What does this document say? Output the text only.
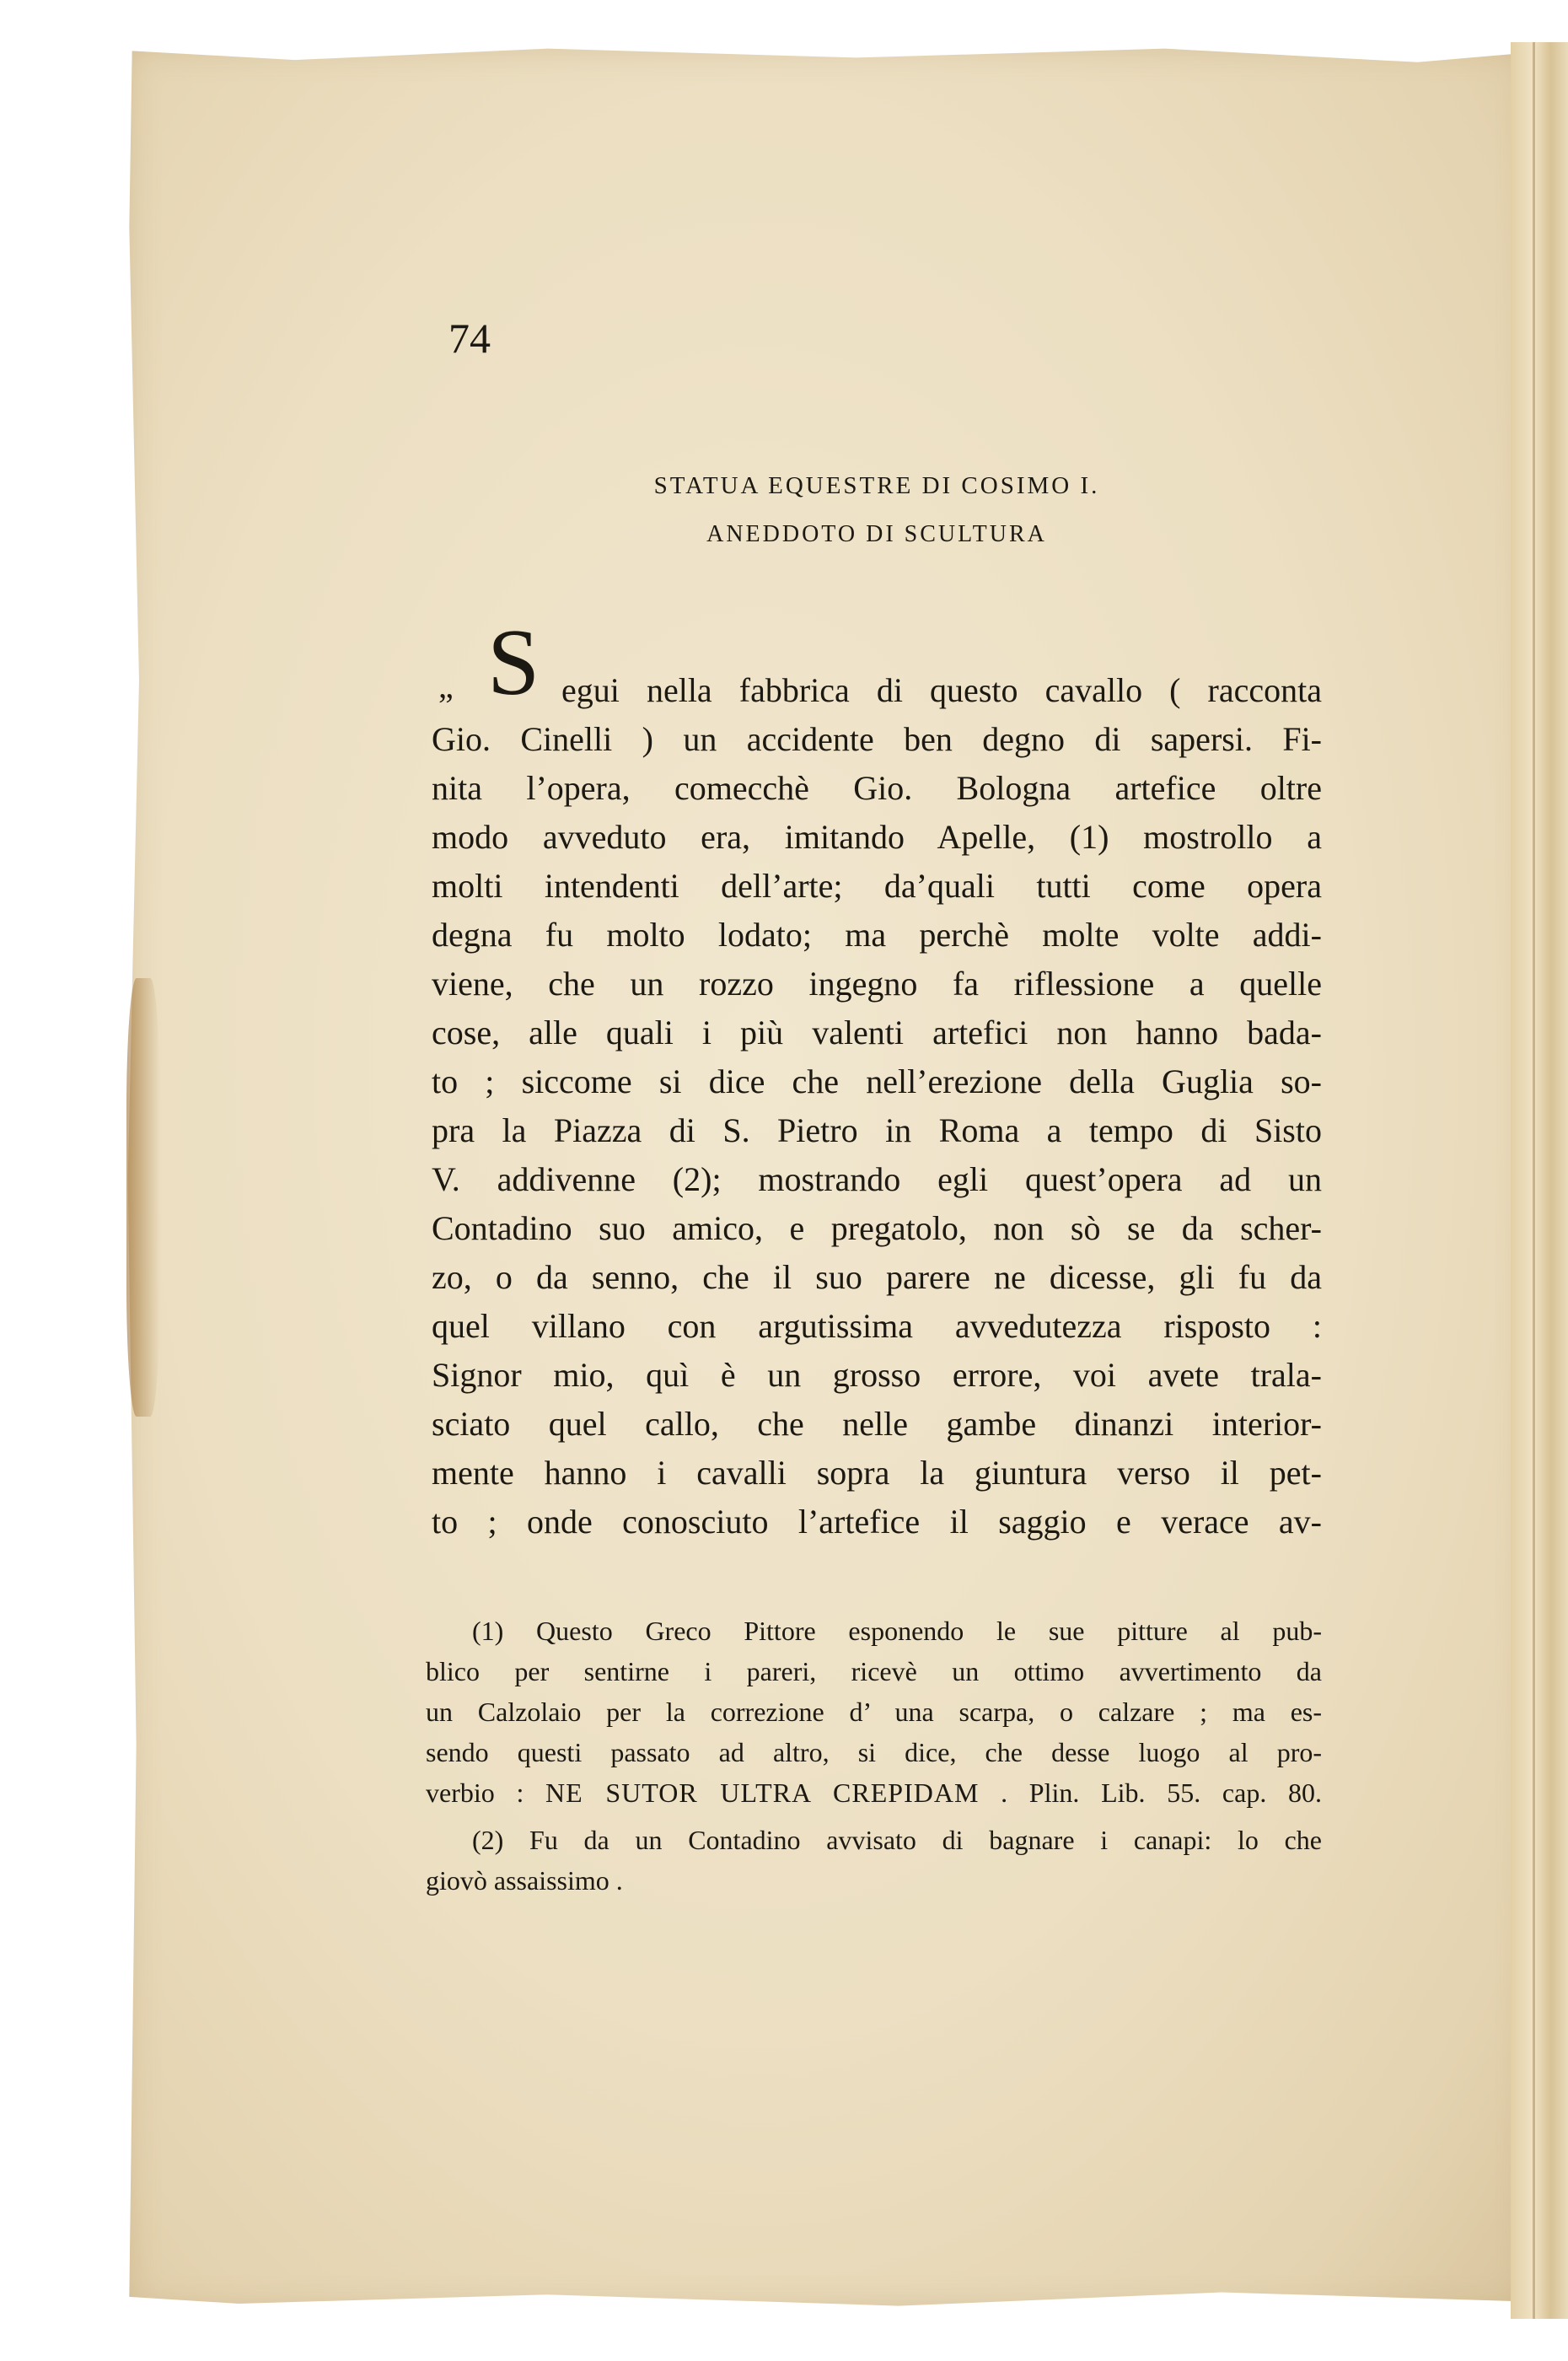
74
STATUA EQUESTRE DI COSIMO I.
ANEDDOTO DI SCULTURA
„ S egui nella fabbrica di questo cavallo ( racconta
Gio. Cinelli ) un accidente ben degno di sapersi. Fi-
nita l’opera, comecchè Gio. Bologna artefice oltre
modo avveduto era, imitando Apelle, (1) mostrollo a
molti intendenti dell’arte; da’quali tutti come opera
degna fu molto lodato; ma perchè molte volte addi-
viene, che un rozzo ingegno fa riflessione a quelle
cose, alle quali i più valenti artefici non hanno bada-
to ; siccome si dice che nell’erezione della Guglia so-
pra la Piazza di S. Pietro in Roma a tempo di Sisto
V. addivenne (2); mostrando egli quest’opera ad un
Contadino suo amico, e pregatolo, non sò se da scher-
zo, o da senno, che il suo parere ne dicesse, gli fu da
quel villano con argutissima avvedutezza risposto :
Signor mio, quì è un grosso errore, voi avete trala-
sciato quel callo, che nelle gambe dinanzi interior-
mente hanno i cavalli sopra la giuntura verso il pet-
to ; onde conosciuto l’artefice il saggio e verace av-
(1) Questo Greco Pittore esponendo le sue pitture al pub-
blico per sentirne i pareri, ricevè un ottimo avvertimento da
un Calzolaio per la correzione d’ una scarpa, o calzare ; ma es-
sendo questi passato ad altro, si dice, che desse luogo al pro-
verbio : NE SUTOR ULTRA CREPIDAM . Plin. Lib. 55. cap. 80.
(2) Fu da un Contadino avvisato di bagnare i canapi: lo che
giovò assaissimo .
